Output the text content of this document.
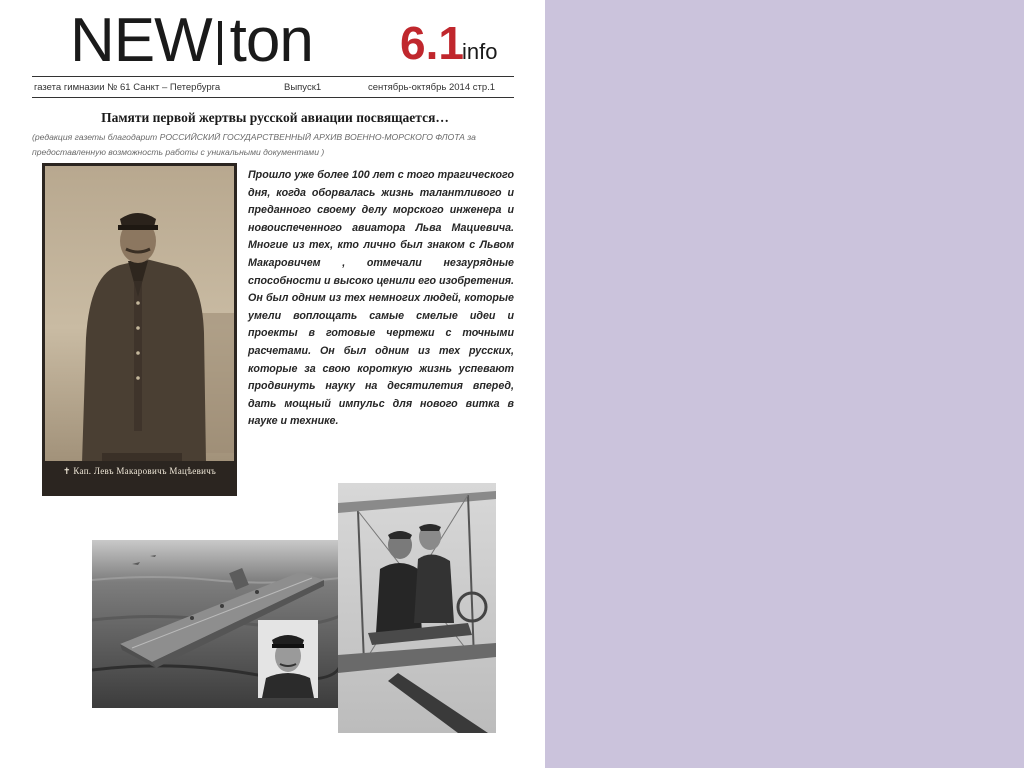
NEW ton	6.1info
газета гимназии № 61 Санкт – Петербурга	Выпуск1	сентябрь-октябрь 2014 стр.1
Памяти первой жертвы русской авиации посвящается…
(редакция газеты благодарит РОССИЙСКИЙ ГОСУДАРСТВЕННЫЙ АРХИВ ВОЕННО-МОРСКОГО ФЛОТА за предоставленную возможность работы с уникальными документами )
✝ Кап. Левъ Макаровичъ Мацѣевичъ
Прошло уже более 100 лет с того трагического дня, когда оборвалась жизнь талантливого и преданного своему делу морского инженера и новоиспеченного авиатора Льва Мациевича. Многие из тех, кто лично был знаком с Львом Макаровичем , отмечали незаурядные способности и высоко ценили его изобретения. Он был одним из тех немногих людей, которые умели воплощать самые смелые идеи и проекты в готовые чертежи с точными расчетами. Он был одним из тех русских, которые за свою короткую жизнь успевают продвинуть науку на десятилетия вперед, дать мощный импульс для нового витка в науке и технике.
